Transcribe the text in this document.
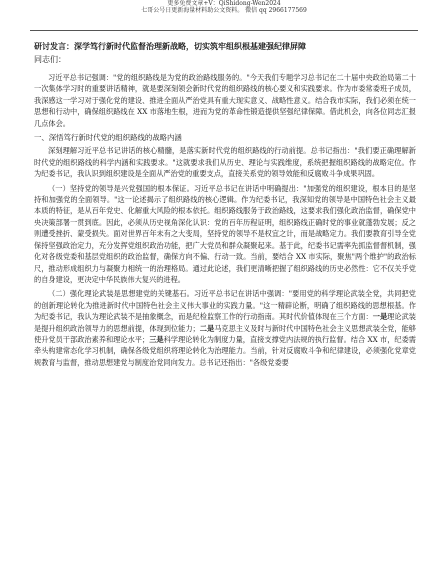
更多免费文章+V：QiShidong-Wen2024
七哥公号日更新海量材料助公文资料。 微信 qq 2966177569

研讨发言：深学笃行新时代监督治理新战略，切实筑牢组织根基建强纪律屏障

同志们：

习近平总书记强调："党的组织路线是为党的政治路线服务的。"今天我们专题学习总书记在二十届中央政治局第二十一次集体学习时的重要讲话精神，就是要深刻领会新时代党的组织路线的核心要义和实践要求。作为市委常委班子成员，我深感这一学习对于强化党的建设、推进全面从严治党具有重大现实意义、战略性意义。结合我市实际，我们必须在统一思想和行动中，确保组织路线在 XX 市落地生根，进而为党的革命性锻造提供坚强纪律保障。借此机会，向各位同志汇报几点体会。

一、深悟笃行新时代党的组织路线的战略内涵

深刻理解习近平总书记讲话的核心精髓，是落实新时代党的组织路线的行动前提。总书记指出："我们要正确理解新时代党的组织路线的科学内涵和实践要求。"这就要求我们从历史、理论与实践维度，系统把握组织路线的战略定位。作为纪委书记，我认识到组织建设是全面从严治党的重要支点，直接关系党的领导效能和反腐败斗争成果巩固。

（一）坚持党的领导是兴党强国的根本保证。习近平总书记在讲话中明确提出："加强党的组织建设，根本目的是坚持和加强党的全面领导。"这一论述揭示了组织路线的核心逻辑。作为纪委书记，我深知党的领导是中国特色社会主义最本质的特征，是从百年党史、化解重大风险的根本依托。组织路线服务于政治路线，这要求我们强化政治监督，确保党中央决策部署一贯到底。因此，必须从历史视角深化认识：党的百年历程证明，组织路线正确时党的事业就蓬勃发展；反之则遭受挫折、蒙受损失。面对世界百年未有之大变局，坚持党的领导不是权宜之计，而是战略定力。我们要教育引导全党保持坚强政治定力，充分发挥党组织政治功能，把广大党员和群众凝聚起来。基于此，纪委书记需率先抓监督督机制，强化对各级党委和基层党组织的政治监督，确保方向不偏、行动一致。当前，要结合 XX 市实际，聚焦"两个维护"的政治标尺，推动形成组织力与凝聚力相统一的治理格局。通过此论述，我们更清晰把握了组织路线的历史必然性：它不仅关乎党的自身建设，更决定中华民族伟大复兴的进程。

（二）强化理论武装是思想建党的关键基石。习近平总书记在讲话中强调："要用党的科学理论武装全党，共同把党的创新理论转化为推进新时代中国特色社会主义伟大事业的实践力量。"这一精辟论断，明确了组织路线的思想根基。作为纪委书记，我认为理论武装不是抽象概念，而是纪检监察工作的行动指南。其时代价值体现在三个方面：一是理论武装是提升组织政治领导力的思想前提，体现到位能力；二是马克思主义及时与新时代中国特色社会主义思想武装全党，能够使升党员干部政治素养和理论水平；三是科学理论转化为制度力量，直接支撑党内法规的执行监督。结合 XX 市，纪委需牵头构建常态化学习机制，确保各级党组织将理论转化为治理能力。当前，针对反腐败斗争和纪律建设，必须强化党章党规教育与监督，推动思想建党与制度治党同向发力。总书记还指出："各级党委要
